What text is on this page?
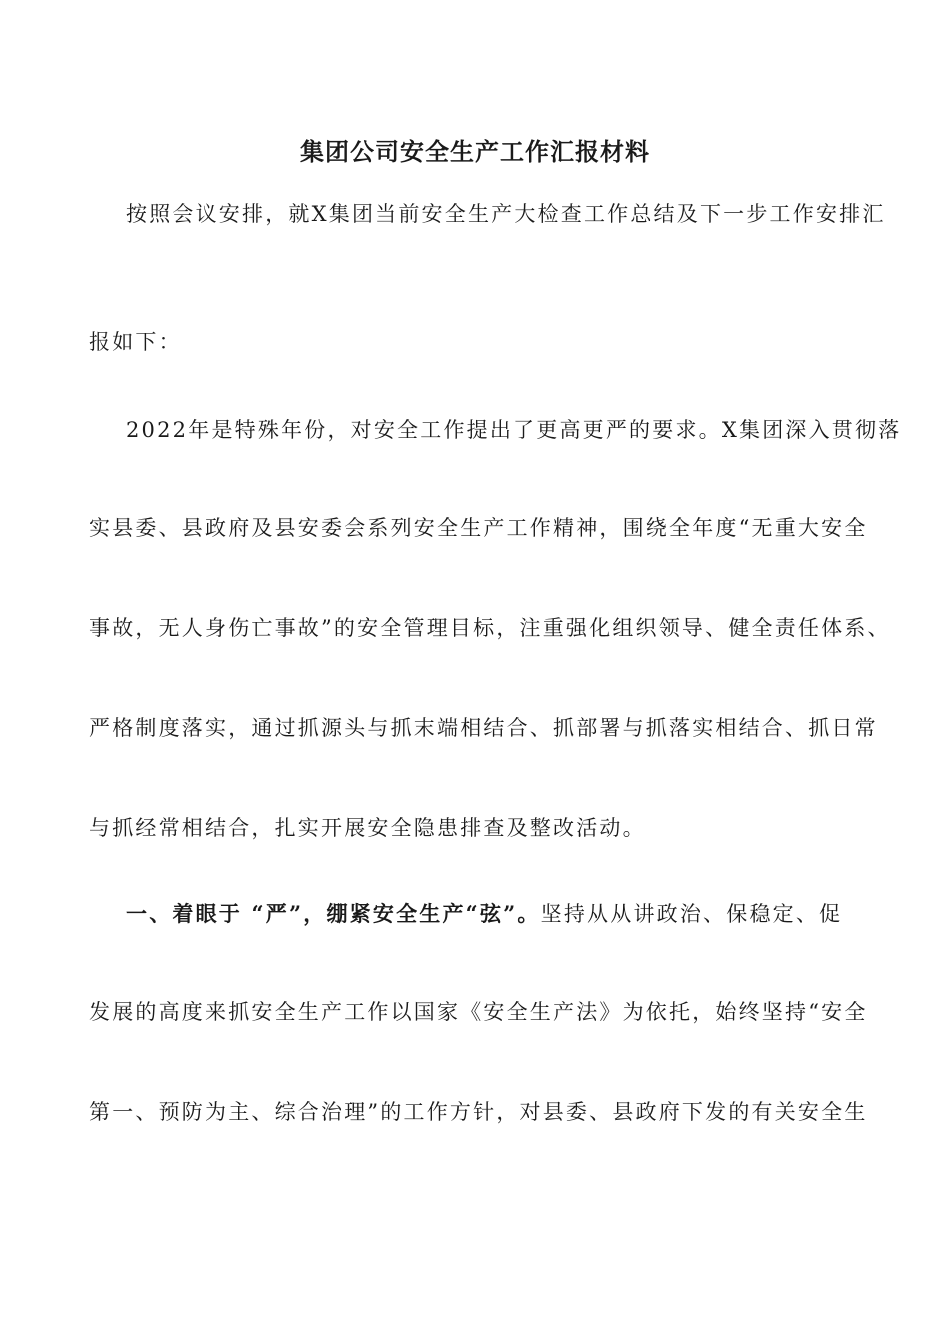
集团公司安全生产工作汇报材料

按照会议安排，就X集团当前安全生产大检查工作总结及下一步工作安排汇

报如下：

2022年是特殊年份，对安全工作提出了更高更严的要求。X集团深入贯彻落

实县委、县政府及县安委会系列安全生产工作精神，围绕全年度“无重大安全

事故，无人身伤亡事故”的安全管理目标，注重强化组织领导、健全责任体系、

严格制度落实，通过抓源头与抓末端相结合、抓部署与抓落实相结合、抓日常

与抓经常相结合，扎实开展安全隐患排查及整改活动。

一、着眼于 “严”，绷紧安全生产“弦”。坚持从从讲政治、保稳定、促

发展的高度来抓安全生产工作以国家《安全生产法》为依托，始终坚持“安全

第一、预防为主、综合治理”的工作方针，对县委、县政府下发的有关安全生
